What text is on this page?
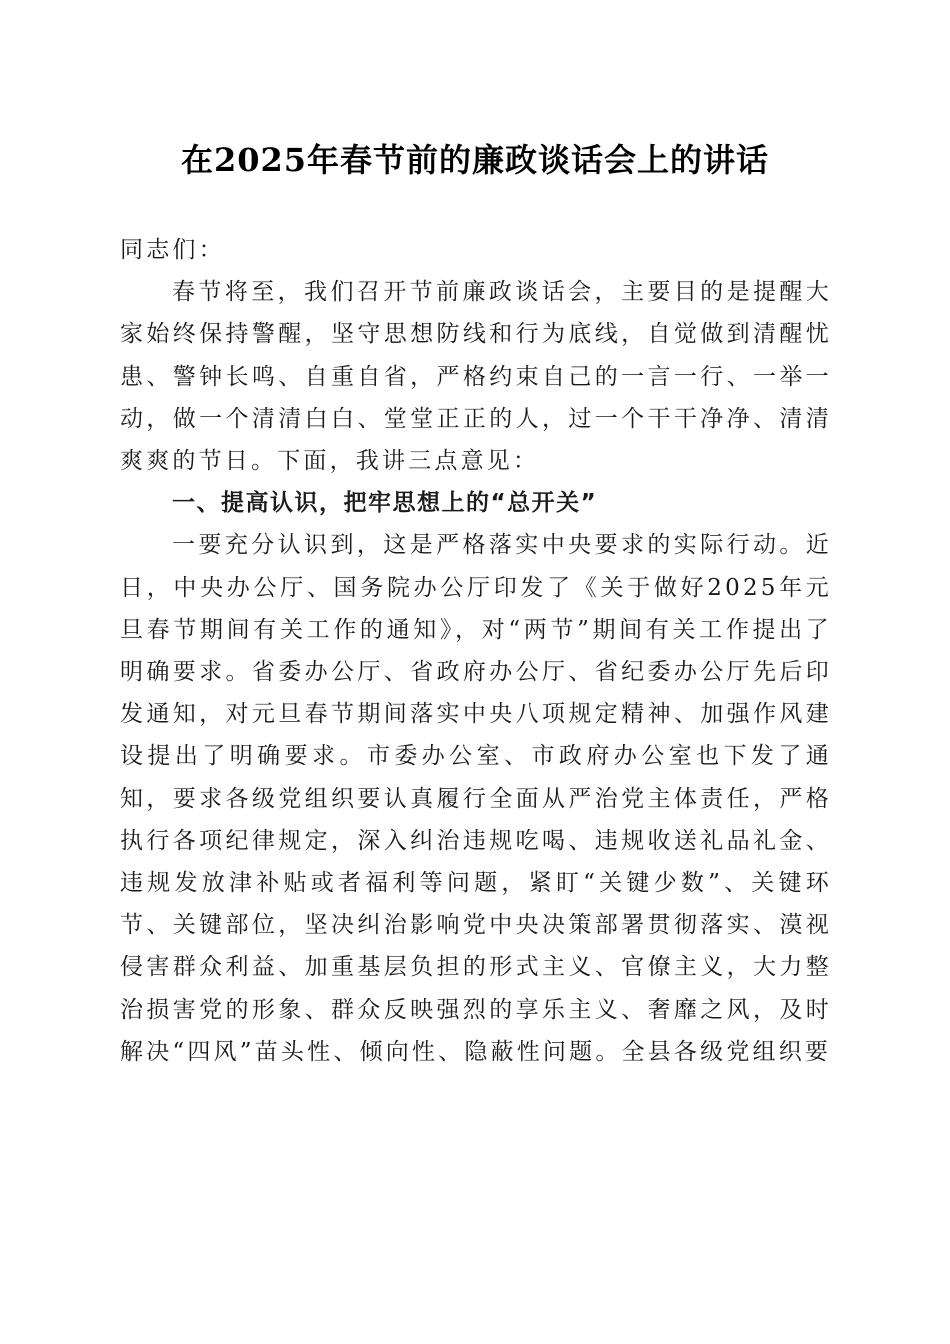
在2025年春节前的廉政谈话会上的讲话

同志们：

春节将至，我们召开节前廉政谈话会，主要目的是提醒大家始终保持警醒，坚守思想防线和行为底线，自觉做到清醒忧患、警钟长鸣、自重自省，严格约束自己的一言一行、一举一动，做一个清清白白、堂堂正正的人，过一个干干净净、清清爽爽的节日。下面，我讲三点意见：

一、提高认识，把牢思想上的“总开关”

一要充分认识到，这是严格落实中央要求的实际行动。近日，中央办公厅、国务院办公厅印发了《关于做好2025年元旦春节期间有关工作的通知》，对“两节”期间有关工作提出了明确要求。省委办公厅、省政府办公厅、省纪委办公厅先后印发通知，对元旦春节期间落实中央八项规定精神、加强作风建设提出了明确要求。市委办公室、市政府办公室也下发了通知，要求各级党组织要认真履行全面从严治党主体责任，严格执行各项纪律规定，深入纠治违规吃喝、违规收送礼品礼金、违规发放津补贴或者福利等问题，紧盯“关键少数”、关键环节、关键部位，坚决纠治影响党中央决策部署贯彻落实、漠视侵害群众利益、加重基层负担的形式主义、官僚主义，大力整治损害党的形象、群众反映强烈的享乐主义、奢靡之风，及时解决“四风”苗头性、倾向性、隐蔽性问题。全县各级党组织要
